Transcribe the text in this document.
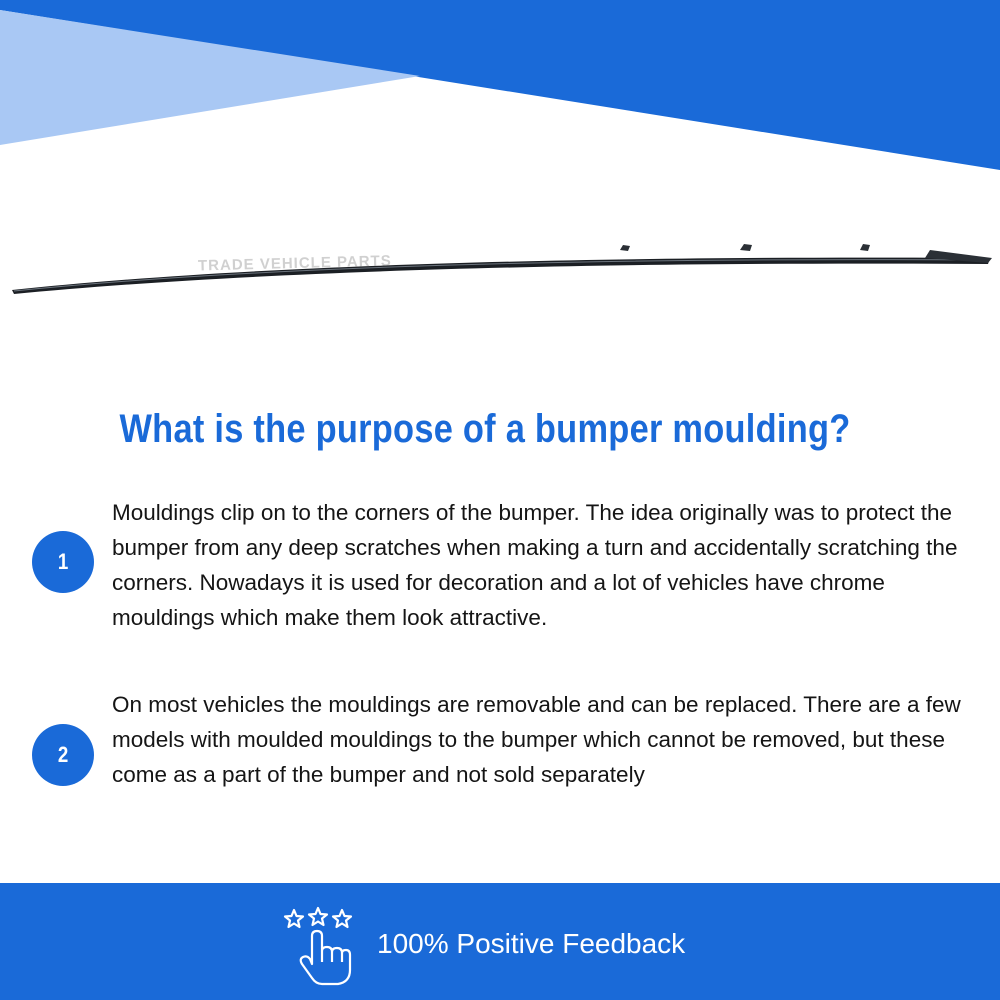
TRADE VEHICLE PARTS
What is the purpose of a bumper moulding?
1
Mouldings clip on to the corners of the bumper. The idea originally was to protect the bumper from any deep scratches when making a turn and accidentally scratching the corners. Nowadays it is used for decoration and a lot of vehicles have chrome mouldings which make them look attractive.
2
On most vehicles the mouldings are removable and can be replaced. There are a few models with moulded mouldings to the bumper which cannot be removed, but these come as a part of the bumper and not sold separately
100% Positive Feedback
